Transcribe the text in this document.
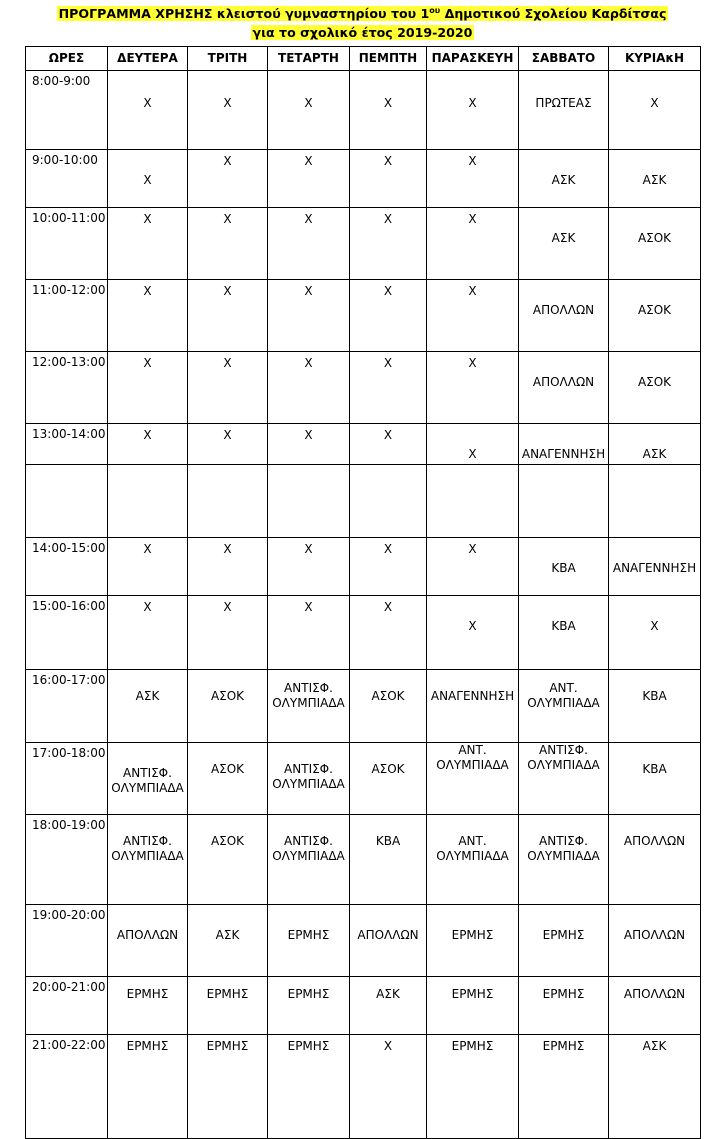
ΠΡΟΓΡΑΜΜΑ ΧΡΗΣΗΣ κλειστού γυμναστηρίου του $1^{o\upsilon}$ Δημοτικού Σχολείου Καρδίτσας
για το σχολικό έτος 2019-2020
ΩΡΕΣ	ΔΕΥΤΕΡΑ	ΤΡΙΤΗ	ΤΕΤΑΡΤΗ	ΠΕΜΠΤΗ	ΠΑΡΑΣΚΕΥΗ	ΣΑΒΒΑΤΟ	ΚΥΡΙΑκΗ

8:00-9:00	Χ	Χ	Χ	Χ	Χ	ΠΡΩΤΕΑΣ	Χ

9:00-10:00	Χ	Χ	Χ	Χ	Χ	ΑΣΚ	ΑΣΚ

10:00-11:00	Χ	Χ	Χ	Χ	Χ	ΑΣΚ	ΑΣΟΚ

11:00-12:00	Χ	Χ	Χ	Χ	Χ	ΑΠΟΛΛΩΝ	ΑΣΟΚ

12:00-13:00	Χ	Χ	Χ	Χ	Χ	ΑΠΟΛΛΩΝ	ΑΣΟΚ

13:00-14:00	Χ	Χ	Χ	Χ	Χ	ΑΝΑΓΕΝΝΗΣΗ	ΑΣΚ

14:00-15:00	Χ	Χ	Χ	Χ	Χ	ΚΒΑ	ΑΝΑΓΕΝΝΗΣΗ

15:00-16:00	Χ	Χ	Χ	Χ	Χ	ΚΒΑ	Χ

16:00-17:00	ΑΣΚ	ΑΣΟΚ	ΑΝΤΙΣΦ. ΟΛΥΜΠΙΑΔΑ	ΑΣΟΚ	ΑΝΑΓΕΝΝΗΣΗ	ΑΝΤ. ΟΛΥΜΠΙΑΔΑ	ΚΒΑ

17:00-18:00	ΑΝΤΙΣΦ. ΟΛΥΜΠΙΑΔΑ	ΑΣΟΚ	ΑΝΤΙΣΦ. ΟΛΥΜΠΙΑΔΑ	ΑΣΟΚ	ΑΝΤ. ΟΛΥΜΠΙΑΔΑ	ΑΝΤΙΣΦ. ΟΛΥΜΠΙΑΔΑ	ΚΒΑ

18:00-19:00	ΑΝΤΙΣΦ. ΟΛΥΜΠΙΑΔΑ	ΑΣΟΚ	ΑΝΤΙΣΦ. ΟΛΥΜΠΙΑΔΑ	ΚΒΑ	ΑΝΤ. ΟΛΥΜΠΙΑΔΑ	ΑΝΤΙΣΦ. ΟΛΥΜΠΙΑΔΑ	ΑΠΟΛΛΩΝ

19:00-20:00	ΑΠΟΛΛΩΝ	ΑΣΚ	ΕΡΜΗΣ	ΑΠΟΛΛΩΝ	ΕΡΜΗΣ	ΕΡΜΗΣ	ΑΠΟΛΛΩΝ

20:00-21:00	ΕΡΜΗΣ	ΕΡΜΗΣ	ΕΡΜΗΣ	ΑΣΚ	ΕΡΜΗΣ	ΕΡΜΗΣ	ΑΠΟΛΛΩΝ

21:00-22:00	ΕΡΜΗΣ	ΕΡΜΗΣ	ΕΡΜΗΣ	Χ	ΕΡΜΗΣ	ΕΡΜΗΣ	ΑΣΚ
